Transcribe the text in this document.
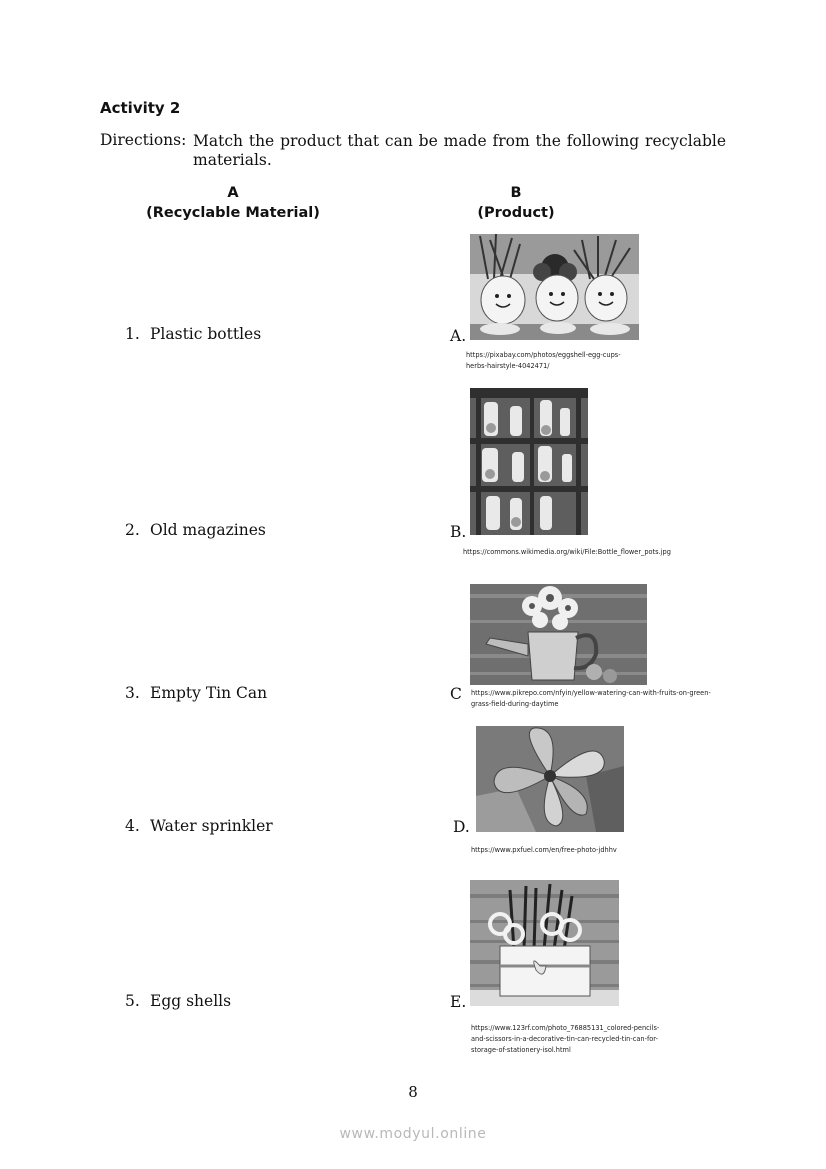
Activity 2
Directions: Match the product that can be made from the following recyclable
materials.
A
(Recyclable Material)
B
(Product)
1. Plastic bottles
2. Old magazines
3. Empty Tin Can
4. Water sprinkler
5. Egg shells
A.
https://pixabay.com/photos/eggshell-egg-cups-
herbs-hairstyle-4042471/
B.
https://commons.wikimedia.org/wiki/File:Bottle_flower_pots.jpg
C https://www.pikrepo.com/nfyin/yellow-watering-can-with-fruits-on-green-
grass-field-during-daytime
D.
https://www.pxfuel.com/en/free-photo-jdhhv
E.
https://www.123rf.com/photo_76885131_colored-pencils-
and-scissors-in-a-decorative-tin-can-recycled-tin-can-for-
storage-of-stationery-isol.html
8
www.modyul.online
